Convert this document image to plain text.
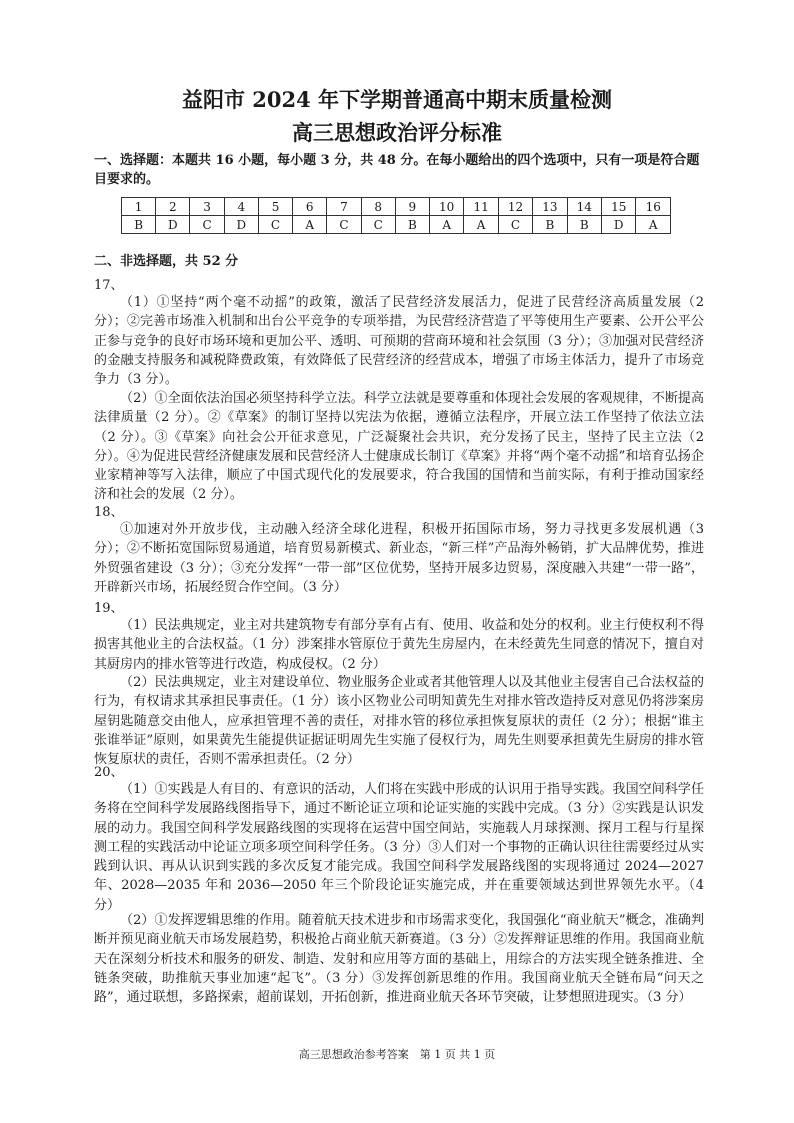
益阳市 2024 年下学期普通高中期末质量检测
高三思想政治评分标准
一、选择题：本题共 16 小题，每小题 3 分，共 48 分。在每小题给出的四个选项中，只有一项是符合题目要求的。
1	2	3	4	5	6	7	8	9	10	11	12	13	14	15	16
B	D	C	D	C	A	C	C	B	A	A	C	B	B	D	A
二、非选择题，共 52 分
17、

（1）①坚持“两个毫不动摇”的政策，激活了民营经济发展活力，促进了民营经济高质量发展（2 分）；②完善市场准入机制和出台公平竞争的专项举措，为民营经济营造了平等使用生产要素、公开公平公正参与竞争的良好市场环境和更加公平、透明、可预期的营商环境和社会氛围（3 分）；③加强对民营经济的金融支持服务和减税降费政策，有效降低了民营经济的经营成本，增强了市场主体活力，提升了市场竞争力（3 分）。

（2）①全面依法治国必须坚持科学立法。科学立法就是要尊重和体现社会发展的客观规律，不断提高法律质量（2 分）。②《草案》的制订坚持以宪法为依据，遵循立法程序，开展立法工作坚持了依法立法（2 分）。③《草案》向社会公开征求意见，广泛凝聚社会共识，充分发扬了民主，坚持了民主立法（2 分）。④为促进民营经济健康发展和民营经济人士健康成长制订《草案》并将“两个毫不动摇”和培育弘扬企业家精神等写入法律，顺应了中国式现代化的发展要求，符合我国的国情和当前实际，有利于推动国家经济和社会的发展（2 分）。

18、

①加速对外开放步伐，主动融入经济全球化进程，积极开拓国际市场，努力寻找更多发展机遇（3 分）；②不断拓宽国际贸易通道，培育贸易新模式、新业态，“新三样”产品海外畅销，扩大品牌优势，推进外贸强省建设（3 分）；③充分发挥“一带一部”区位优势，坚持开展多边贸易，深度融入共建“一带一路”，开辟新兴市场，拓展经贸合作空间。（3 分）

19、

（1）民法典规定，业主对共建筑物专有部分享有占有、使用、收益和处分的权利。业主行使权利不得损害其他业主的合法权益。（1 分）涉案排水管原位于黄先生房屋内，在未经黄先生同意的情况下，擅自对其厨房内的排水管等进行改造，构成侵权。（2 分）

（2）民法典规定，业主对建设单位、物业服务企业或者其他管理人以及其他业主侵害自己合法权益的行为，有权请求其承担民事责任。（1 分）该小区物业公司明知黄先生对排水管改造持反对意见仍将涉案房屋钥匙随意交由他人，应承担管理不善的责任，对排水管的移位承担恢复原状的责任（2 分）；根据“谁主张谁举证”原则，如果黄先生能提供证据证明周先生实施了侵权行为，周先生则要承担黄先生厨房的排水管恢复原状的责任，否则不需承担责任。（2 分）

20、

（1）①实践是人有目的、有意识的活动，人们将在实践中形成的认识用于指导实践。我国空间科学任务将在空间科学发展路线图指导下，通过不断论证立项和论证实施的实践中完成。（3 分）②实践是认识发展的动力。我国空间科学发展路线图的实现将在运营中国空间站，实施载人月球探测、探月工程与行星探测工程的实践活动中论证立项多项空间科学任务。（3 分）③人们对一个事物的正确认识往往需要经过从实践到认识、再从认识到实践的多次反复才能完成。我国空间科学发展路线图的实现将通过 2024—2027 年、2028—2035 年和 2036—2050 年三个阶段论证实施完成，并在重要领域达到世界领先水平。（4 分）

（2）①发挥逻辑思维的作用。随着航天技术进步和市场需求变化，我国强化“商业航天”概念，准确判断并预见商业航天市场发展趋势，积极抢占商业航天新赛道。（3 分）②发挥辩证思维的作用。我国商业航天在深刻分析技术和服务的研发、制造、发射和应用等方面的基础上，用综合的方法实现全链条推进、全链条突破，助推航天事业加速“起飞”。（3 分）③发挥创新思维的作用。我国商业航天全链布局“问天之路”，通过联想，多路探索，超前谋划，开拓创新，推进商业航天各环节突破，让梦想照进现实。（3 分）

高三思想政治参考答案　第 1 页 共 1 页
